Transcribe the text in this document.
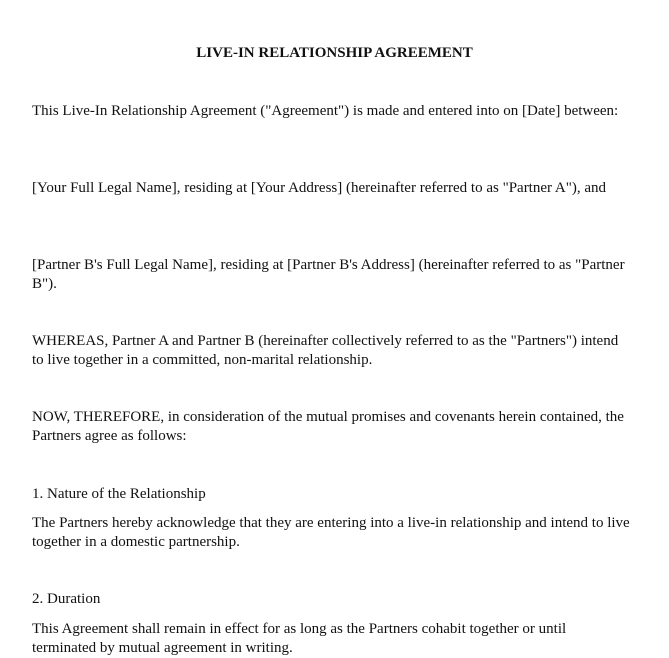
LIVE-IN RELATIONSHIP AGREEMENT

This Live-In Relationship Agreement ("Agreement") is made and entered into on [Date] between:

[Your Full Legal Name], residing at [Your Address] (hereinafter referred to as "Partner A"), and

[Partner B's Full Legal Name], residing at [Partner B's Address] (hereinafter referred to as "Partner B").

WHEREAS, Partner A and Partner B (hereinafter collectively referred to as the "Partners") intend to live together in a committed, non-marital relationship.

NOW, THEREFORE, in consideration of the mutual promises and covenants herein contained, the Partners agree as follows:

1. Nature of the Relationship

The Partners hereby acknowledge that they are entering into a live-in relationship and intend to live together in a domestic partnership.

2. Duration

This Agreement shall remain in effect for as long as the Partners cohabit together or until terminated by mutual agreement in writing.
